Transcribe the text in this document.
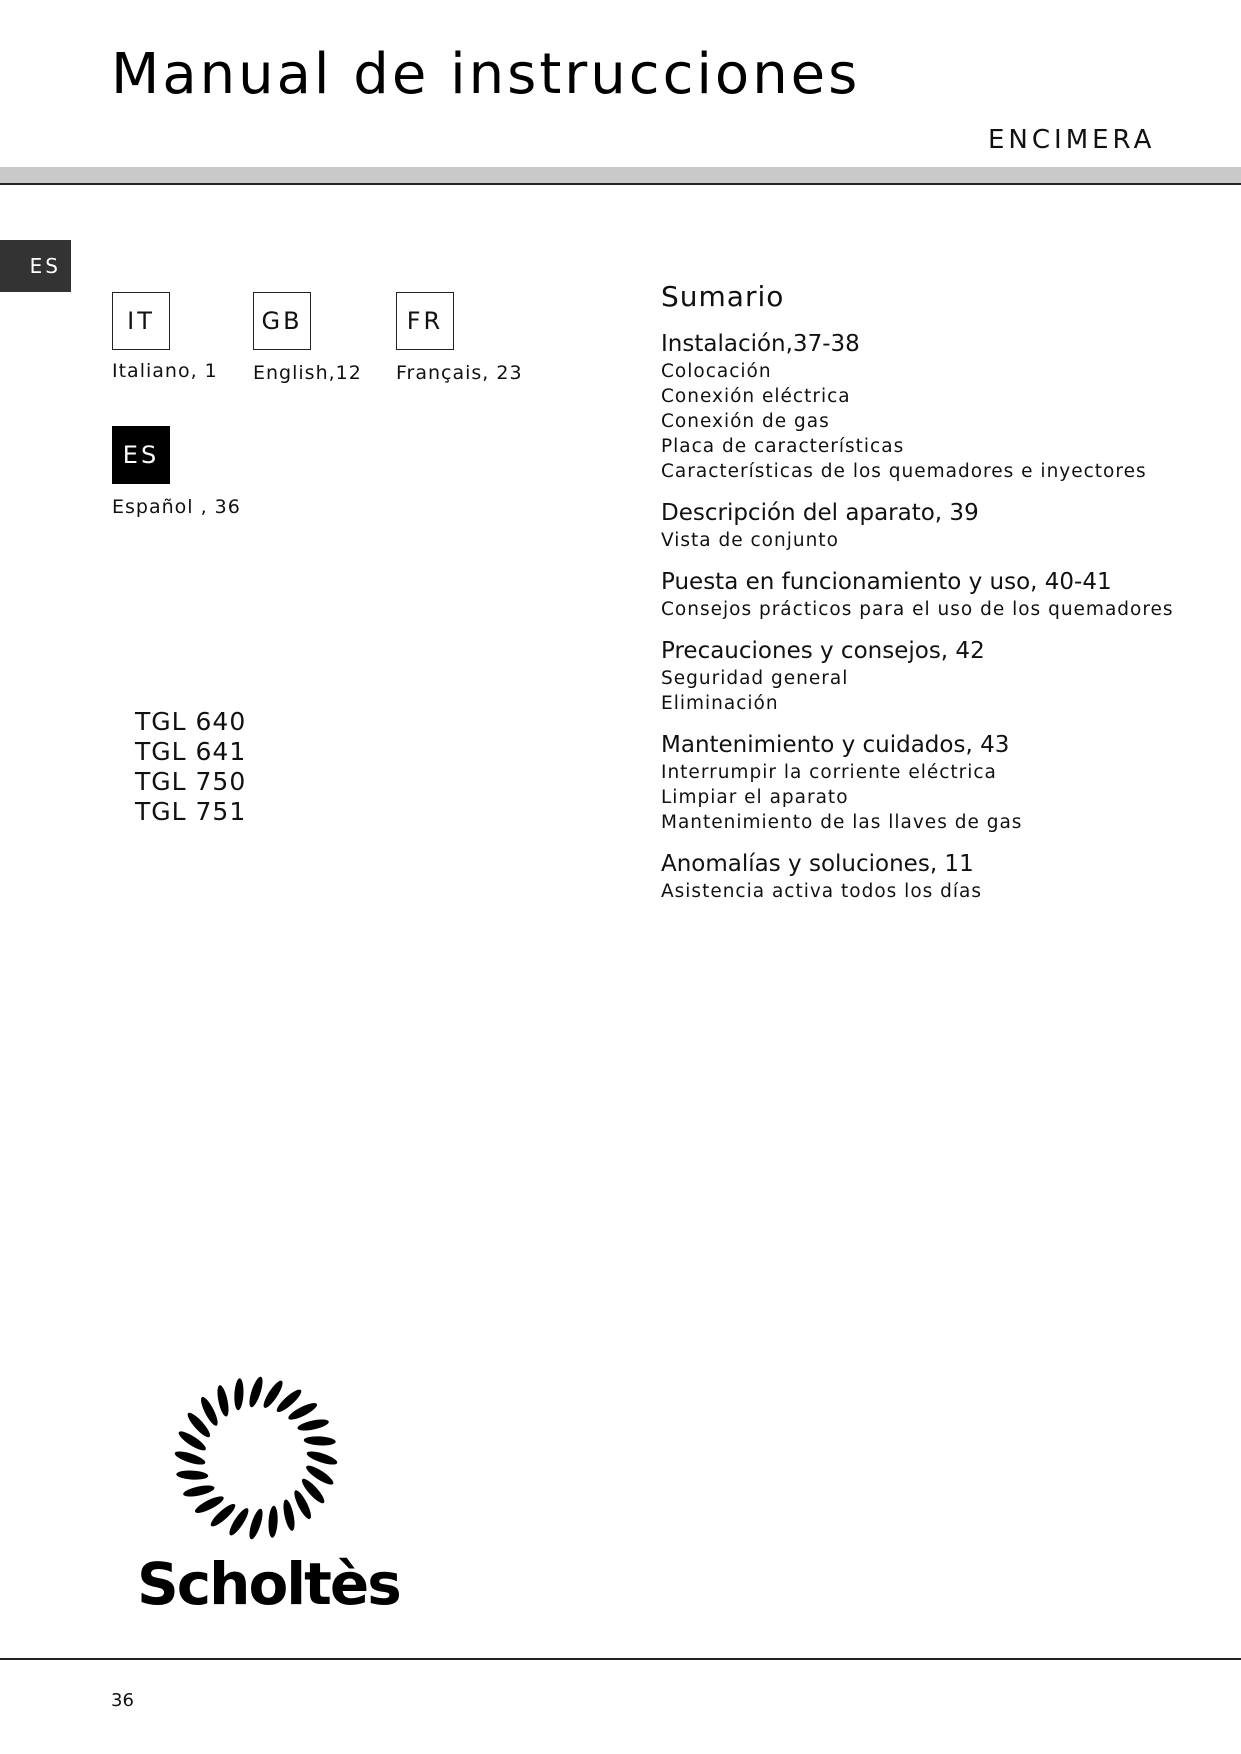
Manual de instrucciones
ENCIMERA
ES
IT
Italiano, 1
GB
English,12
FR
Français, 23
ES
Español , 36
TGL 640
TGL 641
TGL 750
TGL 751
Sumario
Instalación,37-38
Colocación
Conexión eléctrica
Conexión de gas
Placa de características
Características de los quemadores e inyectores
Descripción del aparato, 39
Vista de conjunto
Puesta en funcionamiento y uso, 40-41
Consejos prácticos para el uso de los quemadores
Precauciones y consejos, 42
Seguridad general
Eliminación
Mantenimiento y cuidados, 43
Interrumpir la corriente eléctrica
Limpiar el aparato
Mantenimiento de las llaves de gas
Anomalías y soluciones, 11
Asistencia activa todos los días
Scholtès
36
